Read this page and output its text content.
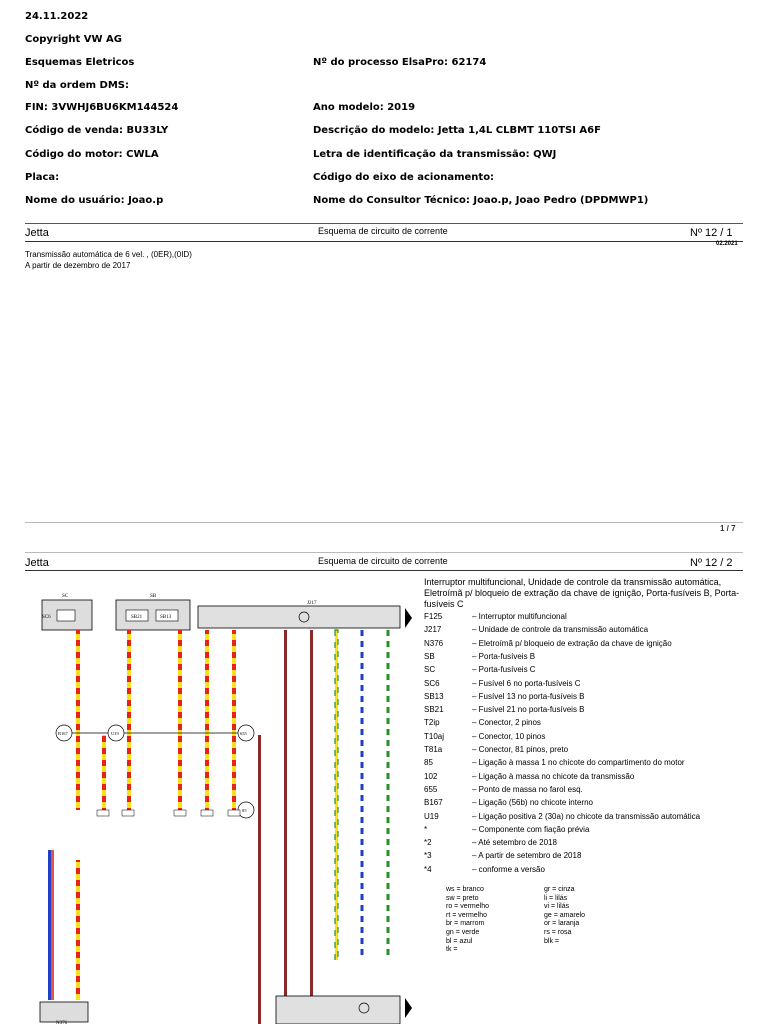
24.11.2022
Copyright VW AG
Esquemas Eletricos	Nº do processo ElsaPro: 62174
Nº da ordem DMS:
FIN: 3VWHJ6BU6KM144524	Ano modelo: 2019
Código de venda: BU33LY	Descrição do modelo: Jetta 1,4L CLBMT 110TSI A6F
Código do motor: CWLA	Letra de identificação da transmissão: QWJ
Placa:	Código do eixo de acionamento:
Nome do usuário: Joao.p	Nome do Consultor Técnico: Joao.p, Joao Pedro (DPDMWP1)
Jetta	Esquema de circuito de corrente	Nº 12 / 1
02.2021
Transmissão automática de 6 vel. , (0ER),(0ID)
A partir de dezembro de 2017
1 / 7
Jetta	Esquema de circuito de corrente	Nº 12 / 2
Interruptor multifuncional, Unidade de controle da transmissão automática, Eletroímã p/ bloqueio de extração da chave de ignição, Porta-fusíveis B, Porta-fusíveis C
F125	– Interruptor multifuncional
J217	– Unidade de controle da transmissão automática
N376	– Eletroímã p/ bloqueio de extração da chave de ignição
SB	– Porta-fusíveis B
SC	– Porta-fusíveis C
SC6	– Fusível 6 no porta-fusíveis C
SB13	– Fusível 13 no porta-fusíveis B
SB21	– Fusível 21 no porta-fusíveis B
T2ip	– Conector, 2 pinos
T10aj	– Conector, 10 pinos
T81a	– Conector, 81 pinos, preto
85	– Ligação à massa 1 no chicote do compartimento do motor
102	– Ligação à massa no chicote da transmissão
655	– Ponto de massa no farol esq.
B167	– Ligação (56b) no chicote interno
U19	– Ligação positiva 2 (30a) no chicote da transmissão automática
*	– Componente com fiação prévia
*2	– Até setembro de 2018
*3	– A partir de setembro de 2018
*4	– conforme a versão
ws = branco
sw = preto
ro = vermelho
rt = vermelho
br = marrom
gn = verde
bl = azul
tk =
gr = cinza
li = lilás
vi = lilás
ge = amarelo
or = laranja
rs = rosa
blk =
SC
SC6
SB
SB21	SB13
J217
B167	U19	655
85
N376
